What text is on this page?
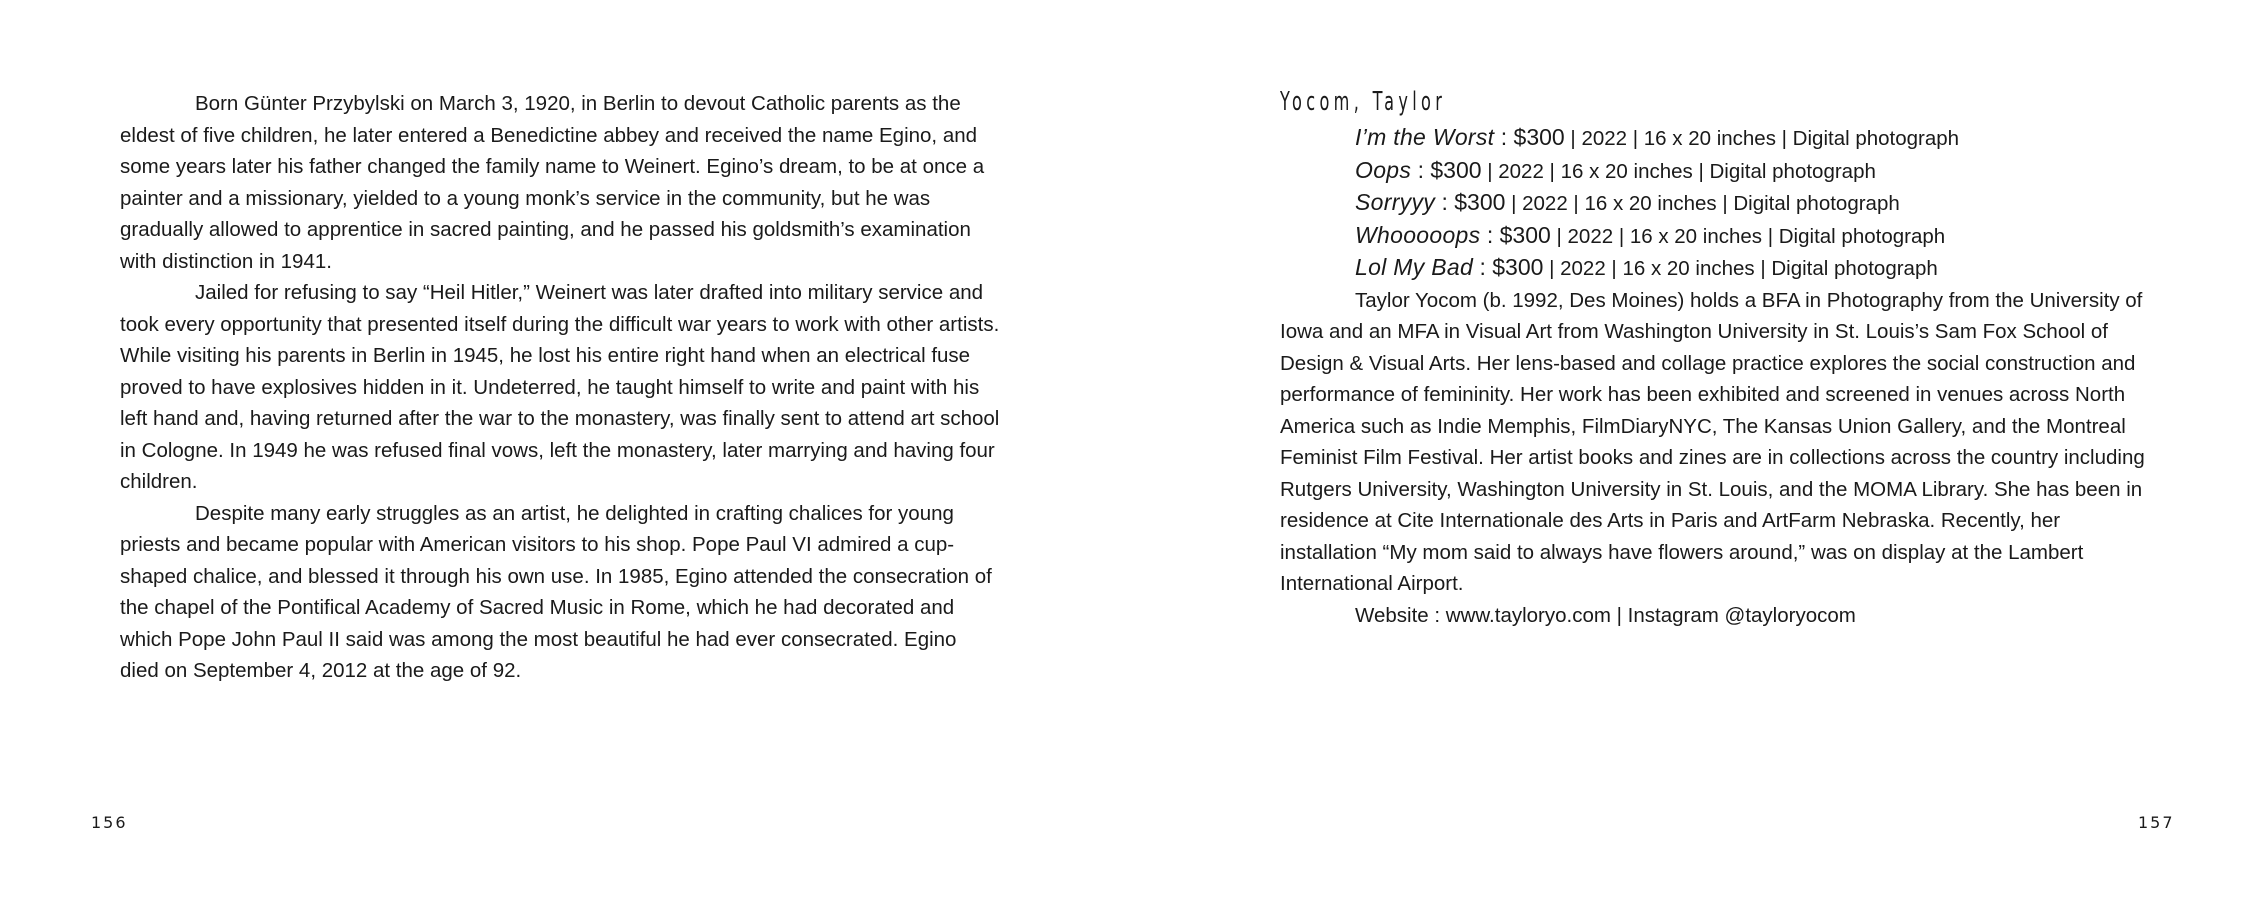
Born Günter Przybylski on March 3, 1920, in Berlin to devout Catholic parents as the eldest of five children, he later entered a Benedictine abbey and received the name Egino, and some years later his father changed the family name to Weinert. Egino’s dream, to be at once a painter and a missionary, yielded to a young monk’s service in the community, but he was gradually allowed to apprentice in sacred painting, and he passed his goldsmith’s examination with distinction in 1941.

Jailed for refusing to say “Heil Hitler,” Weinert was later drafted into military service and took every opportunity that presented itself during the difficult war years to work with other artists. While visiting his parents in Berlin in 1945, he lost his entire right hand when an electrical fuse proved to have explosives hidden in it. Undeterred, he taught himself to write and paint with his left hand and, having returned after the war to the monastery, was finally sent to attend art school in Cologne. In 1949 he was refused final vows, left the monastery, later marrying and having four children.

Despite many early struggles as an artist, he delighted in crafting chalices for young priests and became popular with American visitors to his shop. Pope Paul VI admired a cup-shaped chalice, and blessed it through his own use. In 1985, Egino attended the consecration of the chapel of the Pontifical Academy of Sacred Music in Rome, which he had decorated and which Pope John Paul II said was among the most beautiful he had ever consecrated. Egino died on September 4, 2012 at the age of 92.

156
Yocom, Taylor
I’m the Worst : $300 | 2022 | 16 x 20 inches | Digital photograph
Oops : $300 | 2022 | 16 x 20 inches | Digital photograph
Sorryyy : $300 | 2022 | 16 x 20 inches | Digital photograph
Whooooops : $300 | 2022 | 16 x 20 inches | Digital photograph
Lol My Bad : $300 | 2022 | 16 x 20 inches | Digital photograph

Taylor Yocom (b. 1992, Des Moines) holds a BFA in Photography from the University of Iowa and an MFA in Visual Art from Washington University in St. Louis’s Sam Fox School of Design & Visual Arts. Her lens-based and collage practice explores the social construction and performance of femininity. Her work has been exhibited and screened in venues across North America such as Indie Memphis, FilmDiaryNYC, The Kansas Union Gallery, and the Montreal Feminist Film Festival. Her artist books and zines are in collections across the country including Rutgers University, Washington University in St. Louis, and the MOMA Library. She has been in residence at Cite Internationale des Arts in Paris and ArtFarm Nebraska. Recently, her installation “My mom said to always have flowers around,” was on display at the Lambert International Airport.

Website : www.tayloryo.com | Instagram @tayloryocom
157
